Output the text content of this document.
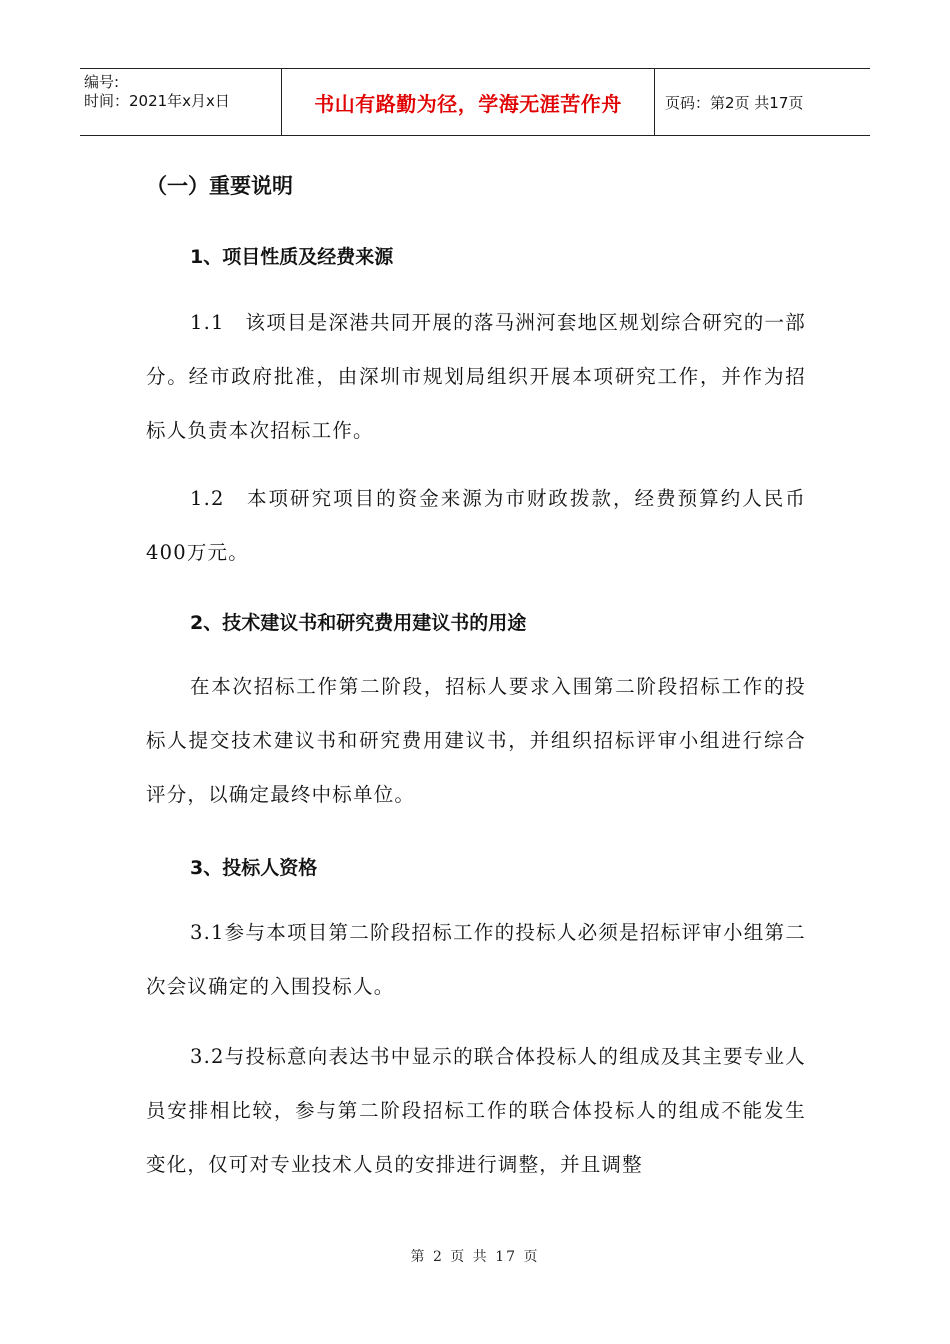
编号:
时间：2021年x月x日	书山有路勤为径，学海无涯苦作舟	页码：第2页 共17页
（一）重要说明
1、项目性质及经费来源
1.1　该项目是深港共同开展的落马洲河套地区规划综合研究的一部分。经市政府批准，由深圳市规划局组织开展本项研究工作，并作为招标人负责本次招标工作。
1.2　本项研究项目的资金来源为市财政拨款，经费预算约人民币400万元。
2、技术建议书和研究费用建议书的用途
在本次招标工作第二阶段，招标人要求入围第二阶段招标工作的投标人提交技术建议书和研究费用建议书，并组织招标评审小组进行综合评分，以确定最终中标单位。
3、投标人资格
3.1参与本项目第二阶段招标工作的投标人必须是招标评审小组第二次会议确定的入围投标人。
3.2与投标意向表达书中显示的联合体投标人的组成及其主要专业人员安排相比较，参与第二阶段招标工作的联合体投标人的组成不能发生变化，仅可对专业技术人员的安排进行调整，并且调整
第 2 页 共 17 页
